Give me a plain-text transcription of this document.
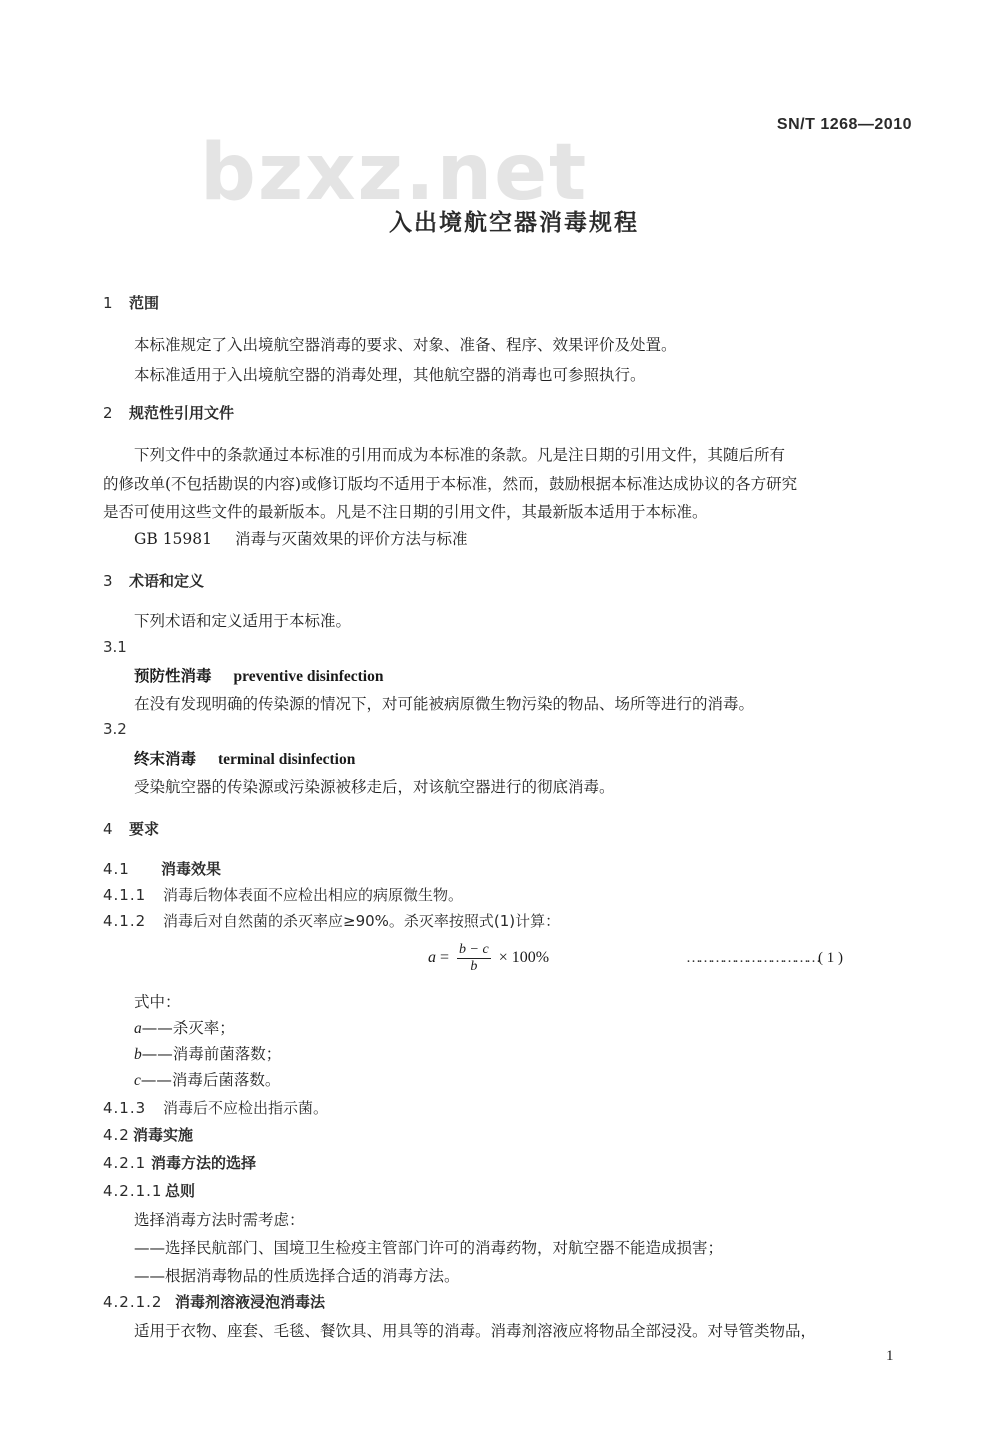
SN/T 1268—2010
bzxz.net
入出境航空器消毒规程
1 范围
本标准规定了入出境航空器消毒的要求、对象、准备、程序、效果评价及处置。
本标准适用于入出境航空器的消毒处理，其他航空器的消毒也可参照执行。
2 规范性引用文件
下列文件中的条款通过本标准的引用而成为本标准的条款。凡是注日期的引用文件，其随后所有
的修改单(不包括勘误的内容)或修订版均不适用于本标准，然而，鼓励根据本标准达成协议的各方研究
是否可使用这些文件的最新版本。凡是不注日期的引用文件，其最新版本适用于本标准。
GB 15981 消毒与灭菌效果的评价方法与标准
3 术语和定义
下列术语和定义适用于本标准。
3.1
预防性消毒 preventive disinfection
在没有发现明确的传染源的情况下，对可能被病原微生物污染的物品、场所等进行的消毒。
3.2
终末消毒 terminal disinfection
受染航空器的传染源或污染源被移走后，对该航空器进行的彻底消毒。
4 要求
4.1 消毒效果
4.1.1 消毒后物体表面不应检出相应的病原微生物。
4.1.2 消毒后对自然菌的杀灭率应≥90%。杀灭率按照式(1)计算：
$a = \frac{b - c}{b} \times 100\%$	……………………………( 1 )
式中：
a——杀灭率；
b——消毒前菌落数；
c——消毒后菌落数。
4.1.3 消毒后不应检出指示菌。
4.2 消毒实施
4.2.1 消毒方法的选择
4.2.1.1 总则
选择消毒方法时需考虑：
——选择民航部门、国境卫生检疫主管部门许可的消毒药物，对航空器不能造成损害；
——根据消毒物品的性质选择合适的消毒方法。
4.2.1.2 消毒剂溶液浸泡消毒法
适用于衣物、座套、毛毯、餐饮具、用具等的消毒。消毒剂溶液应将物品全部浸没。对导管类物品，
1
